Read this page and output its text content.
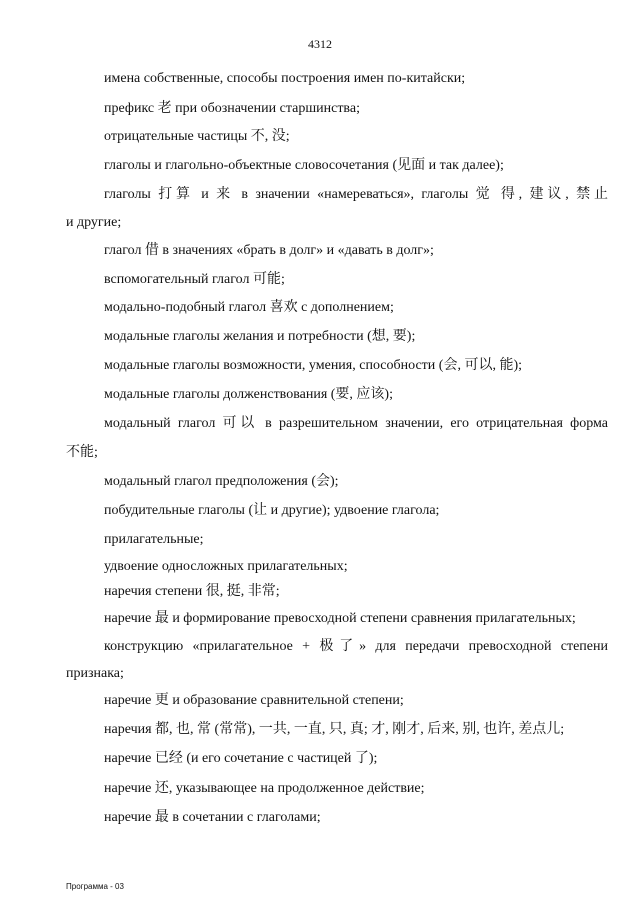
4312
имена собственные, способы построения имен по-китайски;
префикс 老 при обозначении старшинства;
отрицательные частицы 不, 没;
глаголы и глагольно-объектные словосочетания (见面 и так далее);
глаголы 打算 и 来 в значении «намереваться», глаголы 觉 得, 建议, 禁止
и другие;
глагол 借 в значениях «брать в долг» и «давать в долг»;
вспомогательный глагол 可能;
модально-подобный глагол 喜欢 с дополнением;
модальные глаголы желания и потребности (想, 要);
модальные глаголы возможности, умения, способности (会, 可以, 能);
модальные глаголы долженствования (要, 应该);
модальный глагол 可以 в разрешительном значении, его отрицательная форма
不能;
модальный глагол предположения (会);
побудительные глаголы (让 и другие); удвоение глагола;
прилагательные;
удвоение односложных прилагательных;
наречия степени 很, 挺, 非常;
наречие 最 и формирование превосходной степени сравнения прилагательных;
конструкцию «прилагательное + 极了» для передачи превосходной степени
признака;
наречие 更 и образование сравнительной степени;
наречия 都, 也, 常 (常常), 一共, 一直, 只, 真; 才, 刚才, 后来, 别, 也许, 差点儿;
наречие 已经 (и его сочетание с частицей 了);
наречие 还, указывающее на продолженное действие;
наречие 最 в сочетании с глаголами;
Программа - 03
